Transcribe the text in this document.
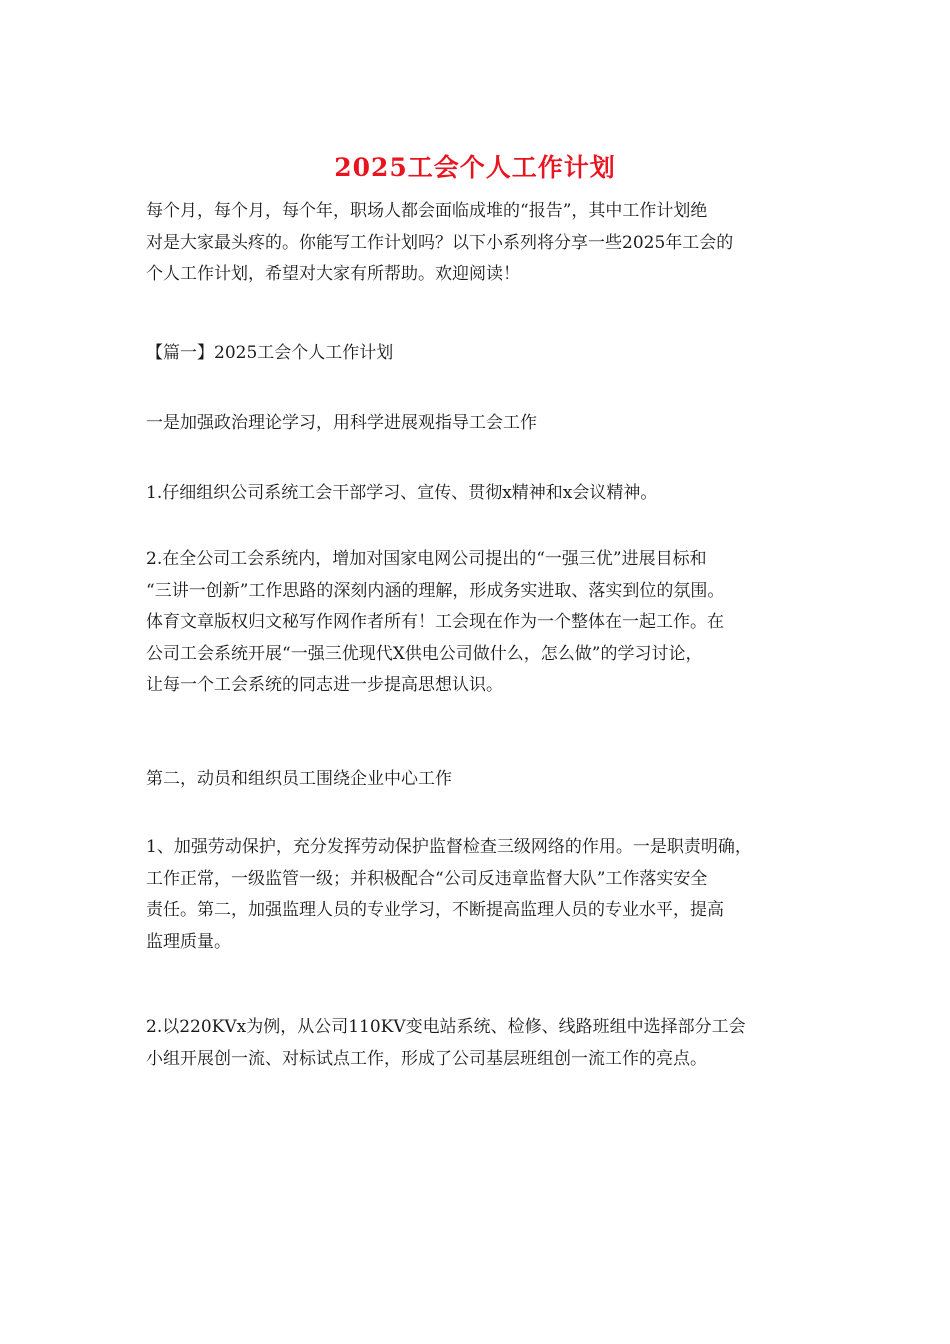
2025工会个人工作计划
每个月，每个月，每个年，职场人都会面临成堆的“报告”，其中工作计划绝
对是大家最头疼的。你能写工作计划吗？以下小系列将分享一些2025年工会的
个人工作计划，希望对大家有所帮助。欢迎阅读！
【篇一】2025工会个人工作计划
一是加强政治理论学习，用科学进展观指导工会工作
1.仔细组织公司系统工会干部学习、宣传、贯彻x精神和x会议精神。
2.在全公司工会系统内，增加对国家电网公司提出的“一强三优”进展目标和
“三讲一创新”工作思路的深刻内涵的理解，形成务实进取、落实到位的氛围。
体育文章版权归文秘写作网作者所有！工会现在作为一个整体在一起工作。在
公司工会系统开展“一强三优现代X供电公司做什么，怎么做”的学习讨论，
让每一个工会系统的同志进一步提高思想认识。
第二，动员和组织员工围绕企业中心工作
1、加强劳动保护，充分发挥劳动保护监督检查三级网络的作用。一是职责明确，
工作正常，一级监管一级；并积极配合“公司反违章监督大队”工作落实安全
责任。第二，加强监理人员的专业学习，不断提高监理人员的专业水平，提高
监理质量。
2.以220KVx为例，从公司110KV变电站系统、检修、线路班组中选择部分工会
小组开展创一流、对标试点工作，形成了公司基层班组创一流工作的亮点。
